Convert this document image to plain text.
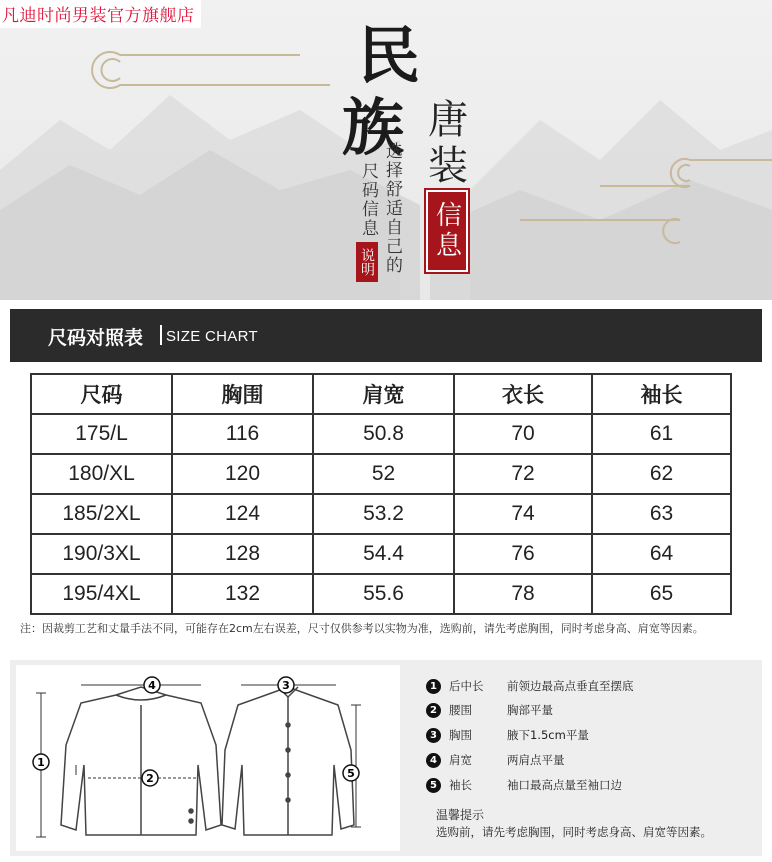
民
族 唐
装
尺码信息 选择舒适自己的
说明
信息
凡迪时尚男装官方旗舰店
尺码对照表 SIZE CHART
尺码	胸围	肩宽	衣长	袖长
175/L	116	50.8	70	61
180/XL	120	52	72	62
185/2XL	124	53.2	74	63
190/3XL	128	54.4	76	64
195/4XL	132	55.6	78	65
注：因裁剪工艺和丈量手法不同，可能存在2cm左右误差，尺寸仅供参考以实物为准，选购前，请先考虑胸围，同时考虑身高、肩宽等因素。
4	3
1
2	5
1	后中长	前领边最高点垂直至摆底
2	腰围	胸部平量
3	胸围	腋下1.5cm平量
4	肩宽	两肩点平量
5	袖长	袖口最高点量至袖口边
温馨提示
选购前，请先考虑胸围，同时考虑身高、肩宽等因素。
